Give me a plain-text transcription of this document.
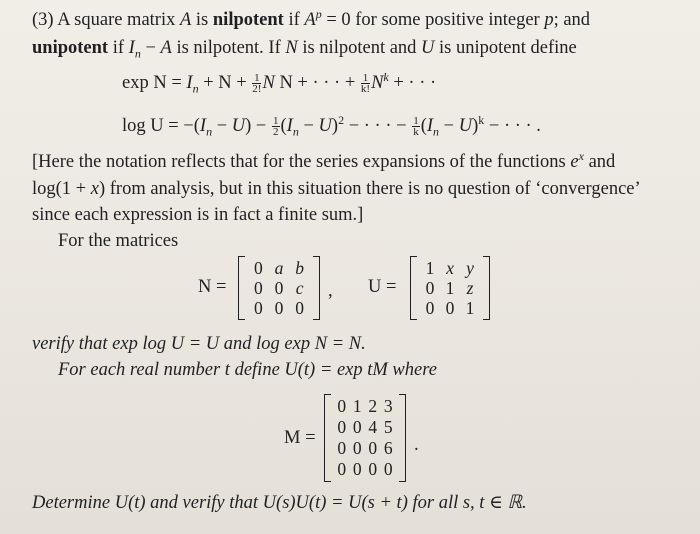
(3) A square matrix A is nilpotent if $A^p = 0$ for some positive integer p; and
unipotent if $I_n - A$ is nilpotent. If N is nilpotent and U is unipotent define
$\exp N = I_n + N + \frac{1}{2!}$ N N + · · · + $\frac{1}{k!} N^k$ + · · ·
$\log U = -(I_n - U) - \frac{1}{2} (I_n - U)^2$ − · · · − $\frac{1}{k} (I_n - U)^k$ − · · · .
[Here the notation reflects that for the series expansions of the functions $e^x$ and
log(1 + x) from analysis, but in this situation there is no question of ‘convergence’
since each expression is in fact a finite sum.]
For the matrices
N =
0 a b
0 0 c
0 0 0
, U =
1 x y
0 1 z
0 0 1
verify that exp log U = U and log exp N = N.
For each real number t define U(t) = exp tM where
M =
0 1 2 3
0 0 4 5
0 0 0 6
0 0 0 0
.
Determine U(t) and verify that U(s)U(t) = U(s + t) for all s, t ∈ ℝ.
